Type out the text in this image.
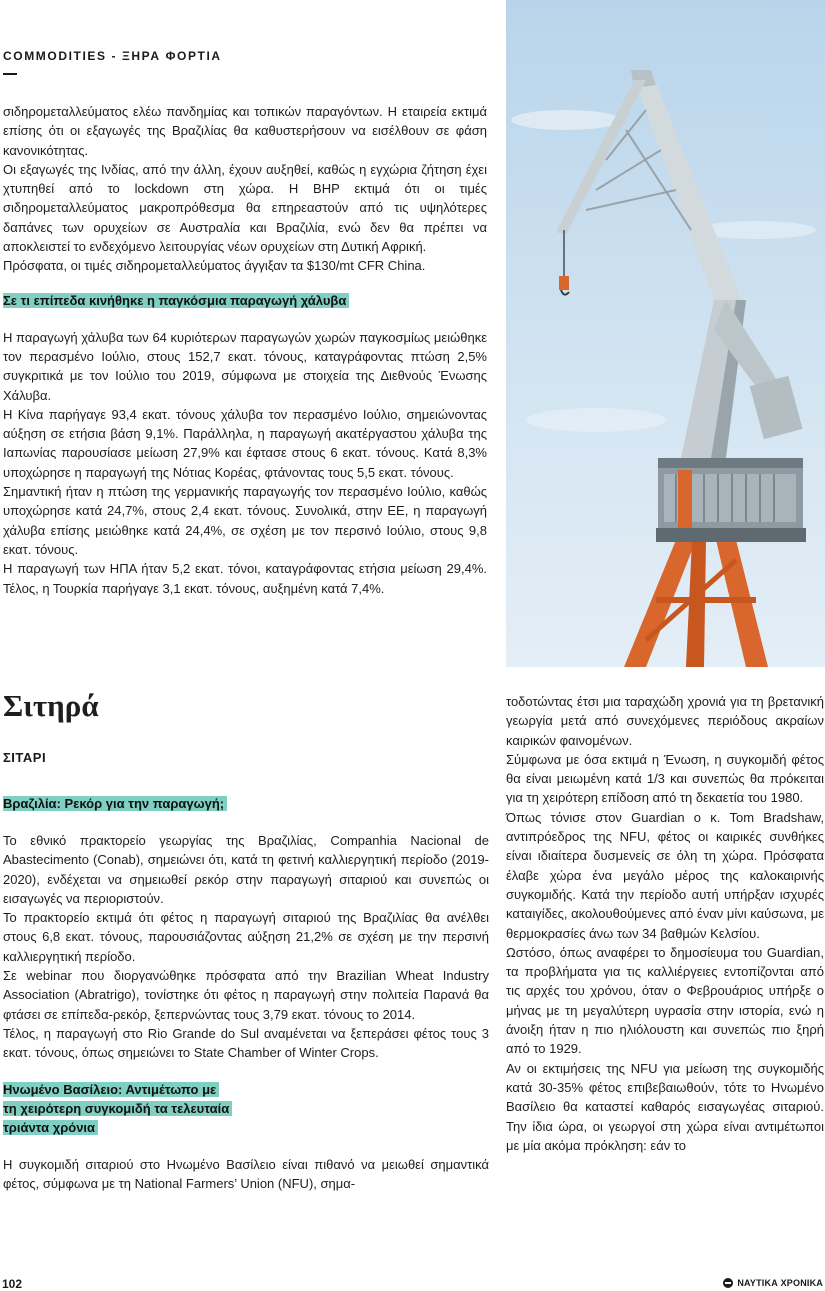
COMMODITIES - ΞΗΡΑ ΦΟΡΤΙΑ

σιδηρομεταλλεύματος ελέω πανδημίας και τοπικών παραγόντων. Η εταιρεία εκτιμά επίσης ότι οι εξαγωγές της Βραζιλίας θα καθυστερήσουν να εισέλθουν σε φάση κανονικότητας.

Οι εξαγωγές της Ινδίας, από την άλλη, έχουν αυξηθεί, καθώς η εγχώρια ζήτηση έχει χτυπηθεί από το lockdown στη χώρα. Η BHP εκτιμά ότι οι τιμές σιδηρομεταλλεύματος μακροπρόθεσμα θα επηρεαστούν από τις υψηλότερες δαπάνες των ορυχείων σε Αυστραλία και Βραζιλία, ενώ δεν θα πρέπει να αποκλειστεί το ενδεχόμενο λειτουργίας νέων ορυχείων στη Δυτική Αφρική.

Πρόσφατα, οι τιμές σιδηρομεταλλεύματος άγγιξαν τα $130/mt CFR China.

Σε τι επίπεδα κινήθηκε η παγκόσμια παραγωγή χάλυβα

Η παραγωγή χάλυβα των 64 κυριότερων παραγωγών χωρών παγκοσμίως μειώθηκε τον περασμένο Ιούλιο, στους 152,7 εκατ. τόνους, καταγράφοντας πτώση 2,5% συγκριτικά με τον Ιούλιο του 2019, σύμφωνα με στοιχεία της Διεθνούς Ένωσης Χάλυβα.

Η Κίνα παρήγαγε 93,4 εκατ. τόνους χάλυβα τον περασμένο Ιούλιο, σημειώνοντας αύξηση σε ετήσια βάση 9,1%. Παράλληλα, η παραγωγή ακατέργαστου χάλυβα της Ιαπωνίας παρουσίασε μείωση 27,9% και έφτασε στους 6 εκατ. τόνους. Κατά 8,3% υποχώρησε η παραγωγή της Νότιας Κορέας, φτάνοντας τους 5,5 εκατ. τόνους.

Σημαντική ήταν η πτώση της γερμανικής παραγωγής τον περασμένο Ιούλιο, καθώς υποχώρησε κατά 24,7%, στους 2,4 εκατ. τόνους. Συνολικά, στην ΕΕ, η παραγωγή χάλυβα επίσης μειώθηκε κατά 24,4%, σε σχέση με τον περσινό Ιούλιο, στους 9,8 εκατ. τόνους.

Η παραγωγή των ΗΠΑ ήταν 5,2 εκατ. τόνοι, καταγράφοντας ετήσια μείωση 29,4%. Τέλος, η Τουρκία παρήγαγε 3,1 εκατ. τόνους, αυξημένη κατά 7,4%.

Σιτηρά
ΣΙΤΑΡΙ
Βραζιλία: Ρεκόρ για την παραγωγή;

Το εθνικό πρακτορείο γεωργίας της Βραζιλίας, Companhia Nacional de Abastecimento (Conab), σημειώνει ότι, κατά τη φετινή καλλιεργητική περίοδο (2019-2020), ενδέχεται να σημειωθεί ρεκόρ στην παραγωγή σιταριού και συνεπώς οι εισαγωγές να περιοριστούν.

Το πρακτορείο εκτιμά ότι φέτος η παραγωγή σιταριού της Βραζιλίας θα ανέλθει στους 6,8 εκατ. τόνους, παρουσιάζοντας αύξηση 21,2% σε σχέση με την περσινή καλλιεργητική περίοδο.

Σε webinar που διοργανώθηκε πρόσφατα από την Brazilian Wheat Industry Association (Abratrigo), τονίστηκε ότι φέτος η παραγωγή στην πολιτεία Παρανά θα φτάσει σε επίπεδα-ρεκόρ, ξεπερνώντας τους 3,79 εκατ. τόνους το 2014.

Τέλος, η παραγωγή στο Rio Grande do Sul αναμένεται να ξεπεράσει φέτος τους 3 εκατ. τόνους, όπως σημειώνει το State Chamber of Winter Crops.

Ηνωμένο Βασίλειο: Αντιμέτωπο με
τη χειρότερη συγκομιδή τα τελευταία
τριάντα χρόνια

Η συγκομιδή σιταριού στο Ηνωμένο Βασίλειο είναι πιθανό να μειωθεί σημαντικά φέτος, σύμφωνα με τη National Farmers’ Union (NFU), σημα-

τοδοτώντας έτσι μια ταραχώδη χρονιά για τη βρετανική γεωργία μετά από συνεχόμενες περιόδους ακραίων καιρικών φαινομένων.

Σύμφωνα με όσα εκτιμά η Ένωση, η συγκομιδή φέτος θα είναι μειωμένη κατά 1/3 και συνεπώς θα πρόκειται για τη χειρότερη επίδοση από τη δεκαετία του 1980.

Όπως τόνισε στον Guardian ο κ. Tom Bradshaw, αντιπρόεδρος της NFU, φέτος οι καιρικές συνθήκες είναι ιδιαίτερα δυσμενείς σε όλη τη χώρα. Πρόσφατα έλαβε χώρα ένα μεγάλο μέρος της καλοκαιρινής συγκομιδής. Κατά την περίοδο αυτή υπήρξαν ισχυρές καταιγίδες, ακολουθούμενες από έναν μίνι καύσωνα, με θερμοκρασίες άνω των 34 βαθμών Κελσίου.

Ωστόσο, όπως αναφέρει το δημοσίευμα του Guardian, τα προβλήματα για τις καλλιέργειες εντοπίζονται από τις αρχές του χρόνου, όταν ο Φεβρουάριος υπήρξε ο μήνας με τη μεγαλύτερη υγρασία στην ιστορία, ενώ η άνοιξη ήταν η πιο ηλιόλουστη και συνεπώς πιο ξηρή από το 1929.

Αν οι εκτιμήσεις της NFU για μείωση της συγκομιδής κατά 30-35% φέτος επιβεβαιωθούν, τότε το Ηνωμένο Βασίλειο θα καταστεί καθαρός εισαγωγέας σιταριού. Την ίδια ώρα, οι γεωργοί στη χώρα είναι αντιμέτωποι με μία ακόμα πρόκληση: εάν το

102	ΝΑΥΤΙΚΑ ΧΡΟΝΙΚΑ
